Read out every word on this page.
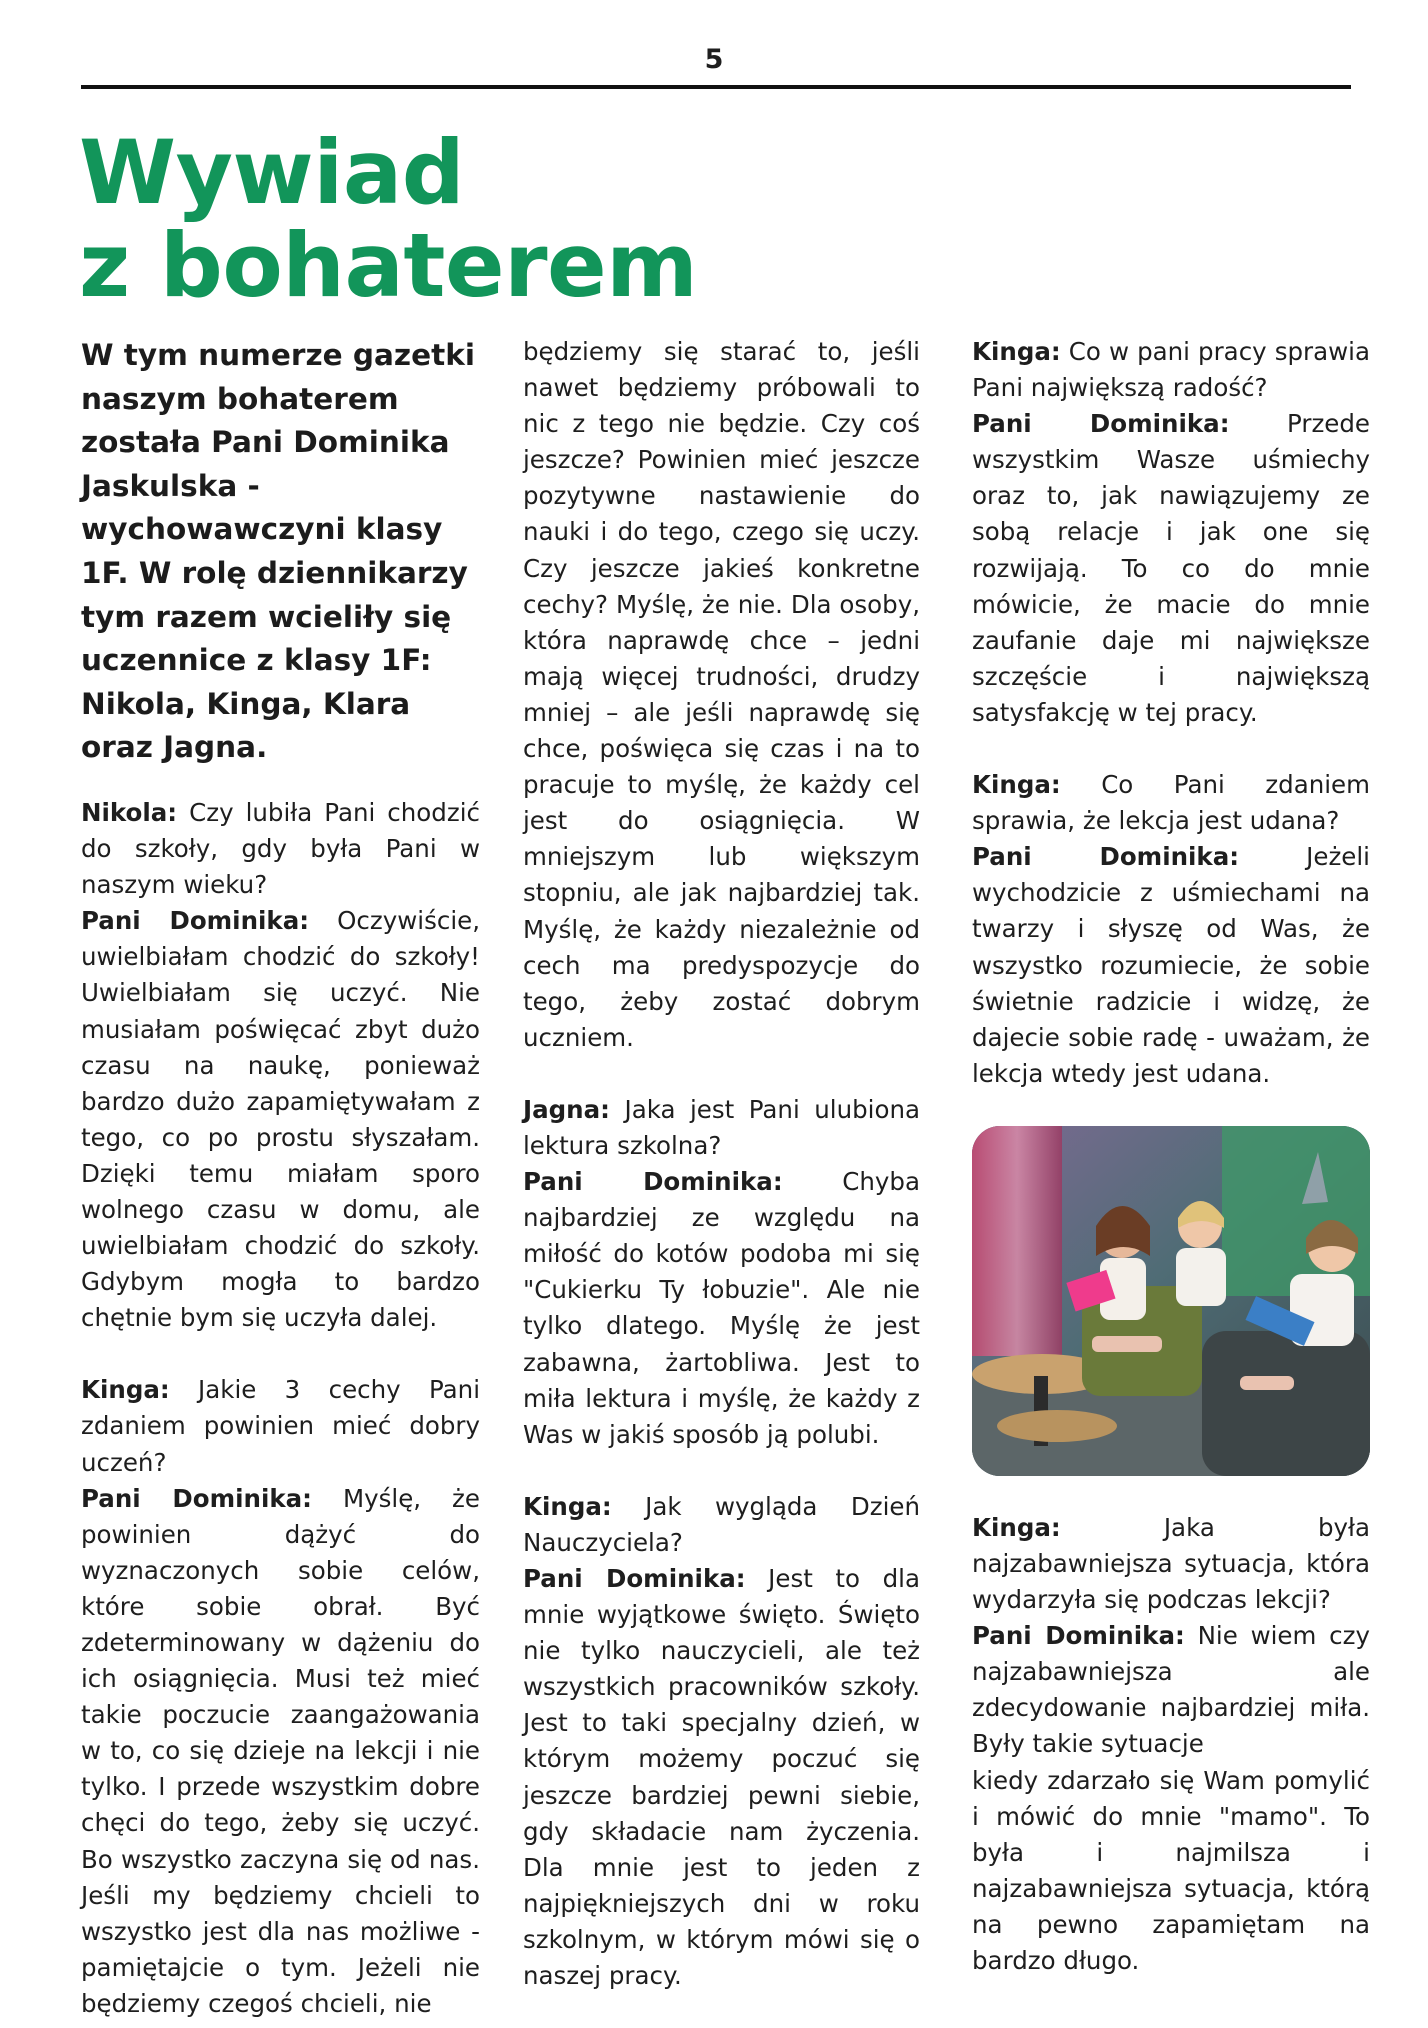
5
Wywiad
z bohaterem

W tym numerze gazetki naszym bohaterem została Pani Dominika Jaskulska - wychowawczyni klasy 1F. W rolę dziennikarzy tym razem wcieliły się uczennice z klasy 1F: Nikola, Kinga, Klara oraz Jagna.

Nikola: Czy lubiła Pani chodzić do szkoły, gdy była Pani w naszym wieku?

Pani Dominika: Oczywiście, uwielbiałam chodzić do szkoły! Uwielbiałam się uczyć. Nie musiałam poświęcać zbyt dużo czasu na naukę, ponieważ bardzo dużo zapamiętywałam z tego, co po prostu słyszałam. Dzięki temu miałam sporo wolnego czasu w domu, ale uwielbiałam chodzić do szkoły. Gdybym mogła to bardzo chętnie bym się uczyła dalej.

Kinga: Jakie 3 cechy Pani zdaniem powinien mieć dobry uczeń?

Pani Dominika: Myślę, że powinien dążyć do wyznaczonych sobie celów, które sobie obrał. Być zdeterminowany w dążeniu do ich osiągnięcia. Musi też mieć takie poczucie zaangażowania w to, co się dzieje na lekcji i nie tylko. I przede wszystkim dobre chęci do tego, żeby się uczyć. Bo wszystko zaczyna się od nas. Jeśli my będziemy chcieli to wszystko jest dla nas możliwe - pamiętajcie o tym. Jeżeli nie będziemy czegoś chcieli, nie

będziemy się starać to, jeśli nawet będziemy próbowali to nic z tego nie będzie. Czy coś jeszcze? Powinien mieć jeszcze pozytywne nastawienie do nauki i do tego, czego się uczy. Czy jeszcze jakieś konkretne cechy? Myślę, że nie. Dla osoby, która naprawdę chce – jedni mają więcej trudności, drudzy mniej – ale jeśli naprawdę się chce, poświęca się czas i na to pracuje to myślę, że każdy cel jest do osiągnięcia. W mniejszym lub większym stopniu, ale jak najbardziej tak. Myślę, że każdy niezależnie od cech ma predyspozycje do tego, żeby zostać dobrym uczniem.

Jagna: Jaka jest Pani ulubiona lektura szkolna?

Pani Dominika: Chyba najbardziej ze względu na miłość do kotów podoba mi się "Cukierku Ty łobuzie". Ale nie tylko dlatego. Myślę że jest zabawna, żartobliwa. Jest to miła lektura i myślę, że każdy z Was w jakiś sposób ją polubi.

Kinga: Jak wygląda Dzień Nauczyciela?

Pani Dominika: Jest to dla mnie wyjątkowe święto. Święto nie tylko nauczycieli, ale też wszystkich pracowników szkoły. Jest to taki specjalny dzień, w którym możemy poczuć się jeszcze bardziej pewni siebie, gdy składacie nam życzenia. Dla mnie jest to jeden z najpiękniejszych dni w roku szkolnym, w którym mówi się o naszej pracy.

Kinga: Co w pani pracy sprawia Pani największą radość?

Pani Dominika: Przede wszystkim Wasze uśmiechy oraz to, jak nawiązujemy ze sobą relacje i jak one się rozwijają. To co do mnie mówicie, że macie do mnie zaufanie daje mi największe szczęście i największą satysfakcję w tej pracy.

Kinga: Co Pani zdaniem sprawia, że lekcja jest udana?

Pani Dominika: Jeżeli wychodzicie z uśmiechami na twarzy i słyszę od Was, że wszystko rozumiecie, że sobie świetnie radzicie i widzę, że dajecie sobie radę - uważam, że lekcja wtedy jest udana.

Kinga: Jaka była najzabawniejsza sytuacja, która wydarzyła się podczas lekcji?

Pani Dominika: Nie wiem czy najzabawniejsza ale zdecydowanie najbardziej miła. Były takie sytuacje

kiedy zdarzało się Wam pomylić i mówić do mnie "mamo". To była i najmilsza i najzabawniejsza sytuacja, którą na pewno zapamiętam na bardzo długo.
